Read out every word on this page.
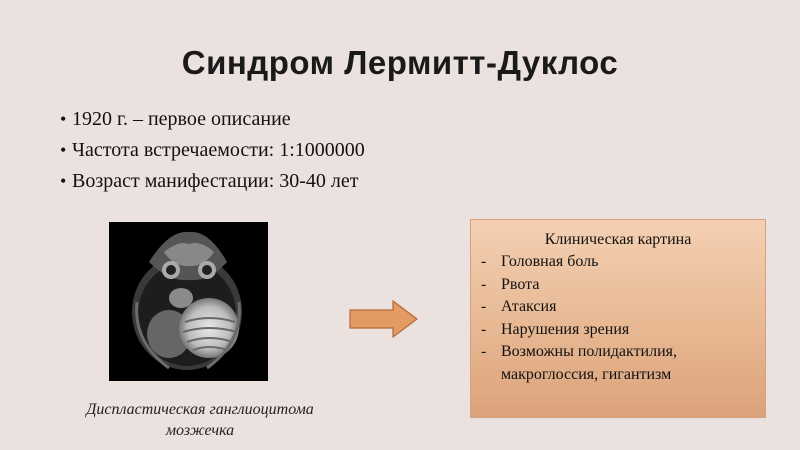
Синдром Лермитт-Дуклос
• 1920 г. – первое описание
• Частота встречаемости: 1:1000000
• Возраст манифестации: 30-40 лет
Диспластическая ганглиоцитома
мозжечка
Клиническая картина
- Головная боль
- Рвота
- Атаксия
- Нарушения зрения
- Возможны полидактилия,
макроглоссия, гигантизм
